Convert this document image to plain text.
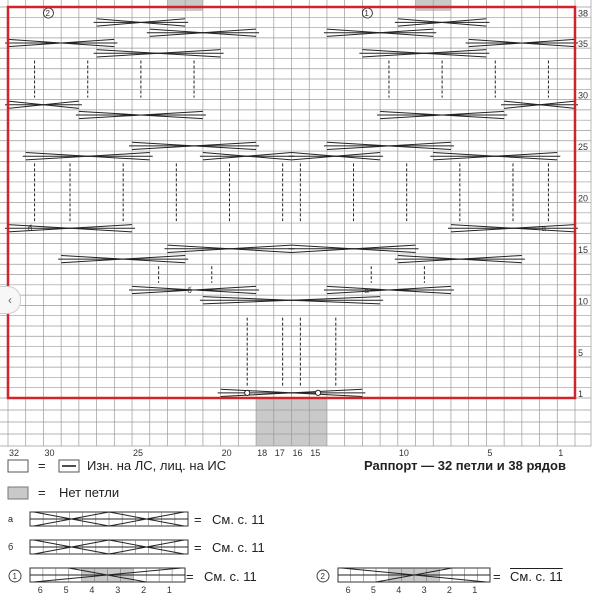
2	1
б
б	а
а
1
5
10
15
20
25
30
35
38
32	30	25	20	18 17 16 15	10	5	1
1	2
6 5 4 3 2 1	6 5 4 3 2 1
‹
=	Изн. на ЛС, лиц. на ИС	Раппорт — 32 петли и 38 рядов
= Нет петли
а	= См. с. 11
б	= См. с. 11
= См. с. 11	= См. с. 11
